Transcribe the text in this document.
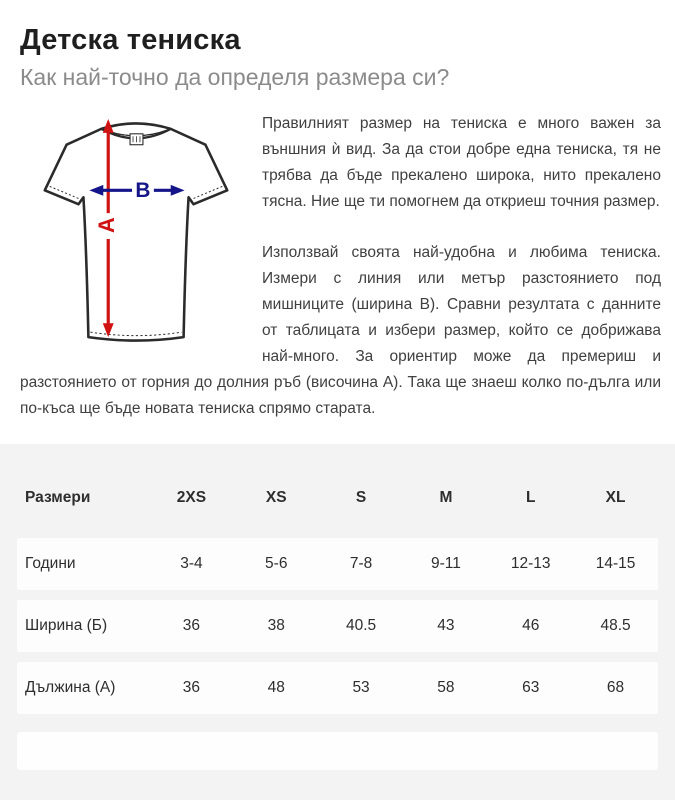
Детска тениска
Как най-точно да определя размера си?
A
B

Правилният размер на тениска е много важен за външния ѝ вид. За да стои добре една тениска, тя не трябва да бъде прекалено широка, нито прекалено тясна. Ние ще ти помогнем да откриеш точния размер.

Използвай своята най-удобна и любима тениска. Измери с линия или метър разстоянието под мишниците (ширина B). Сравни резултата с данните от таблицата и избери размер, който се добрижава най-много. За ориентир може да премериш и разстоянието от горния до долния ръб (височина A). Така ще знаеш колко по-дълга или по-къса ще бъде новата тениска спрямо старата.

Размери	2XS	XS	S	M	L	XL
Години	3-4	5-6	7-8	9-11	12-13	14-15
Ширина (Б)	36	38	40.5	43	46	48.5
Дължина (А)	36	48	53	58	63	68
